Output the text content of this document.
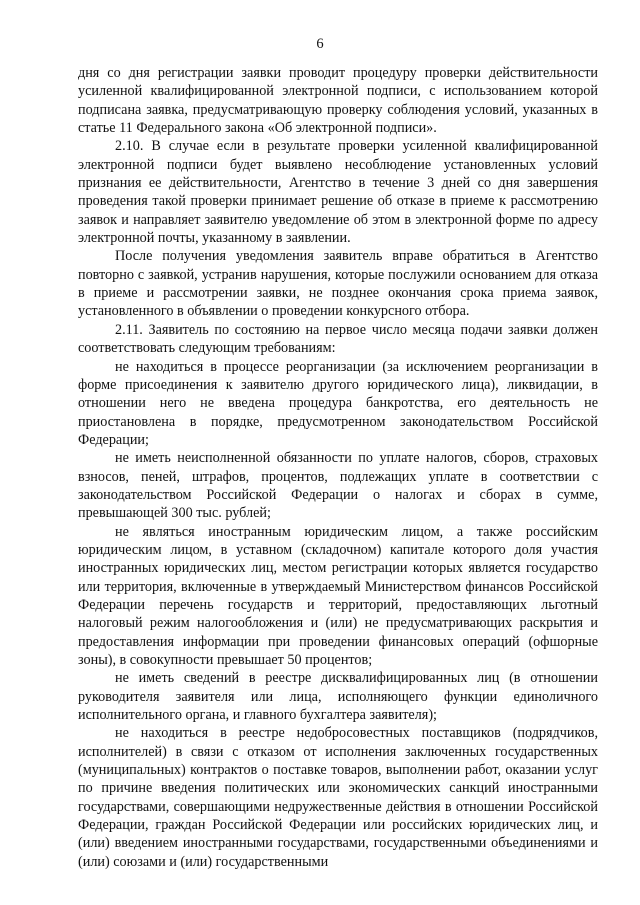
6

дня со дня регистрации заявки проводит процедуру проверки действительности усиленной квалифицированной электронной подписи, с использованием которой подписана заявка, предусматривающую проверку соблюдения условий, указанных в статье 11 Федерального закона «Об электронной подписи».

2.10. В случае если в результате проверки усиленной квалифицированной электронной подписи будет выявлено несоблюдение установленных условий признания ее действительности, Агентство в течение 3 дней со дня завершения проведения такой проверки принимает решение об отказе в приеме к рассмотрению заявок и направляет заявителю уведомление об этом в электронной форме по адресу электронной почты, указанному в заявлении.

После получения уведомления заявитель вправе обратиться в Агентство повторно с заявкой, устранив нарушения, которые послужили основанием для отказа в приеме и рассмотрении заявки, не позднее окончания срока приема заявок, установленного в объявлении о проведении конкурсного отбора.

2.11. Заявитель по состоянию на первое число месяца подачи заявки должен соответствовать следующим требованиям:

не находиться в процессе реорганизации (за исключением реорганизации в форме присоединения к заявителю другого юридического лица), ликвидации, в отношении него не введена процедура банкротства, его деятельность не приостановлена в порядке, предусмотренном законодательством Российской Федерации;

не иметь неисполненной обязанности по уплате налогов, сборов, страховых взносов, пеней, штрафов, процентов, подлежащих уплате в соответствии с законодательством Российской Федерации о налогах и сборах в сумме, превышающей 300 тыс. рублей;

не являться иностранным юридическим лицом, а также российским юридическим лицом, в уставном (складочном) капитале которого доля участия иностранных юридических лиц, местом регистрации которых является государство или территория, включенные в утверждаемый Министерством финансов Российской Федерации перечень государств и территорий, предоставляющих льготный налоговый режим налогообложения и (или) не предусматривающих раскрытия и предоставления информации при проведении финансовых операций (офшорные зоны), в совокупности превышает 50 процентов;

не иметь сведений в реестре дисквалифицированных лиц (в отношении руководителя заявителя или лица, исполняющего функции единоличного исполнительного органа, и главного бухгалтера заявителя);

не находиться в реестре недобросовестных поставщиков (подрядчиков, исполнителей) в связи с отказом от исполнения заключенных государственных (муниципальных) контрактов о поставке товаров, выполнении работ, оказании услуг по причине введения политических или экономических санкций иностранными государствами, совершающими недружественные действия в отношении Российской Федерации, граждан Российской Федерации или российских юридических лиц, и (или) введением иностранными государствами, государственными объединениями и (или) союзами и (или) государственными
